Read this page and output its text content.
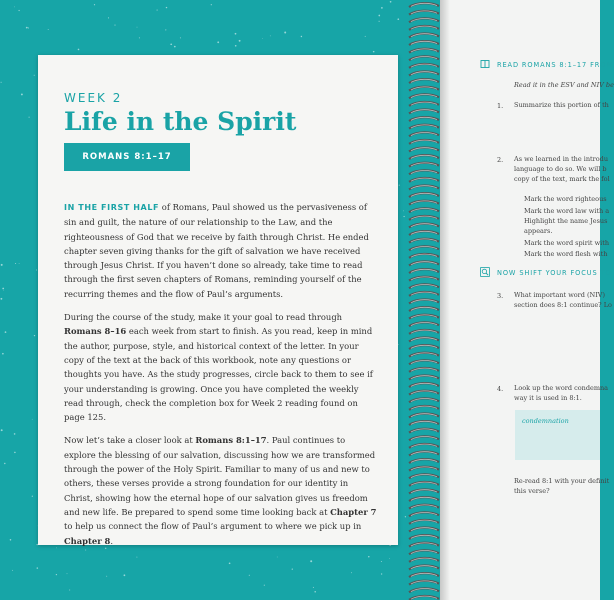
WEEK 2
Life in the Spirit
ROMANS 8:1–17

IN THE FIRST HALF of Romans, Paul showed us the pervasiveness of sin and guilt, the nature of our relationship to the Law, and the righteousness of God that we receive by faith through Christ. He ended chapter seven giving thanks for the gift of salvation we have received through Jesus Christ. If you haven’t done so already, take time to read through the first seven chapters of Romans, reminding yourself of the recurring themes and the flow of Paul’s arguments.

During the course of the study, make it your goal to read through Romans 8–16 each week from start to finish. As you read, keep in mind the author, purpose, style, and historical context of the letter. In your copy of the text at the back of this workbook, note any questions or thoughts you have. As the study progresses, circle back to them to see if your understanding is growing. Once you have completed the weekly read through, check the completion box for Week 2 reading found on page 125.

Now let’s take a closer look at Romans 8:1–17. Paul continues to explore the blessing of our salvation, discussing how we are transformed through the power of the Holy Spirit. Familiar to many of us and new to others, these verses provide a strong foundation for our identity in Christ, showing how the eternal hope of our salvation gives us freedom and new life. Be prepared to spend some time looking back at Chapter 7 to help us connect the flow of Paul’s argument to where we pick up in Chapter 8.

READ ROMANS 8:1–17 FROM
Read it in the ESV and NIV be
1. Summarize this portion of th
2. As we learned in the introdu
language to do so. We will b
copy of the text, mark the fol
Mark the word righteous
Mark the word law with a
Highlight the name Jesus
appears.
Mark the word spirit with
Mark the word flesh with
NOW SHIFT YOUR FOCUS TO
3. What important word (NIV)
section does 8:1 continue? Lo
4. Look up the word condemna
way it is used in 8:1.
condemnation
Re-read 8:1 with your definit
this verse?
